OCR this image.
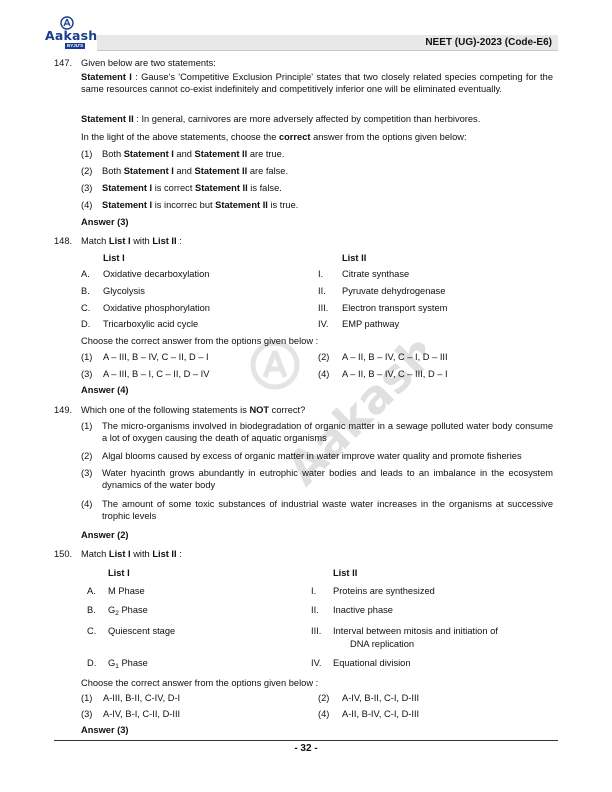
Aakash
BYJU'S	NEET (UG)-2023 (Code-E6)
Aakash
147. Given below are two statements:
Statement I : Gause's 'Competitive Exclusion Principle' states that two closely related species competing for the same resources cannot co-exist indefinitely and competitively inferior one will be eliminated eventually.
Statement II : In general, carnivores are more adversely affected by competition than herbivores.
In the light of the above statements, choose the correct answer from the options given below:
(1) Both Statement I and Statement II are true.
(2) Both Statement I and Statement II are false.
(3) Statement I is correct Statement II is false.
(4) Statement I is incorrec but Statement II is true.
Answer (3)
148. Match List I with List II :
List I	List II
A. Oxidative decarboxylation	I. Citrate synthase
B. Glycolysis	II. Pyruvate dehydrogenase
C. Oxidative phosphorylation	III. Electron transport system
D. Tricarboxylic acid cycle	IV. EMP pathway
Choose the correct answer from the options given below :
(1) A – III, B – IV, C – II, D – I	(2) A – II, B – IV, C – I, D – III
(3) A – III, B – I, C – II, D – IV	(4) A – II, B – IV, C – III, D – I
Answer (4)
149. Which one of the following statements is NOT correct?
(1) The micro-organisms involved in biodegradation of organic matter in a sewage polluted water body consume a lot of oxygen causing the death of aquatic organisms
(2) Algal blooms caused by excess of organic matter in water improve water quality and promote fisheries
(3) Water hyacinth grows abundantly in eutrophic water bodies and leads to an imbalance in the ecosystem dynamics of the water body
(4) The amount of some toxic substances of industrial waste water increases in the organisms at successive trophic levels
Answer (2)
150. Match List I with List II :
List I	List II
A. M Phase	I. Proteins are synthesized
B. $G_2$ Phase	II. Inactive phase
C. Quiescent stage	III. Interval between mitosis and initiation of
DNA replication
D. $G_1$ Phase	IV. Equational division
Choose the correct answer from the options given below :
(1) A-III, B-II, C-IV, D-I	(2) A-IV, B-II, C-I, D-III
(3) A-IV, B-I, C-II, D-III	(4) A-II, B-IV, C-I, D-III
Answer (3)
- 32 -
